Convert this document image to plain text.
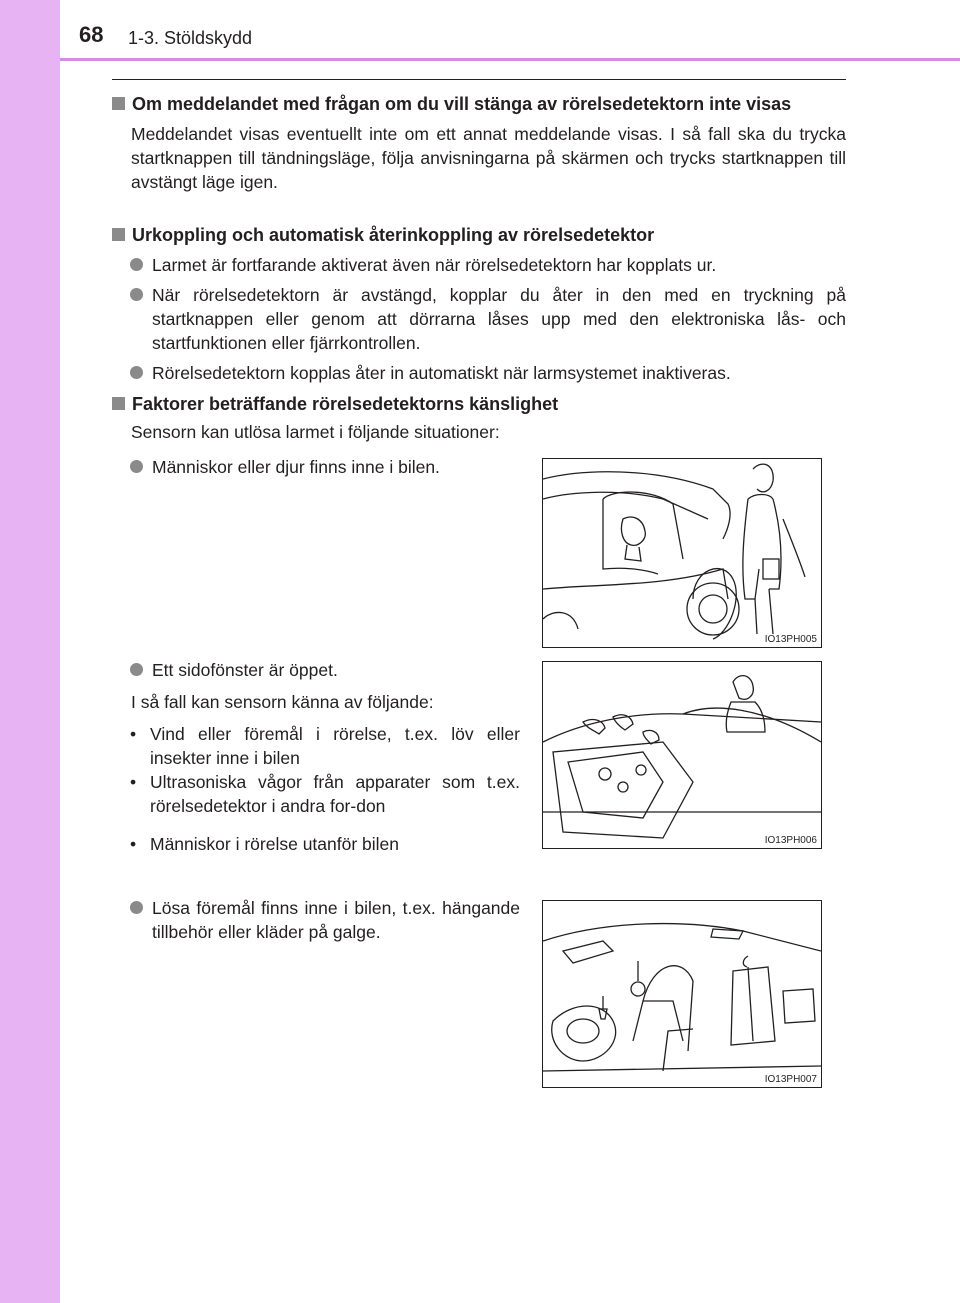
68 1-3. Stöldskydd
Om meddelandet med frågan om du vill stänga av rörelsedetektorn inte visas
Meddelandet visas eventuellt inte om ett annat meddelande visas. I så fall ska du trycka startknappen till tändningsläge, följa anvisningarna på skärmen och trycks startknappen till avstängt läge igen.
Urkoppling och automatisk återinkoppling av rörelsedetektor
Larmet är fortfarande aktiverat även när rörelsedetektorn har kopplats ur.
När rörelsedetektorn är avstängd, kopplar du åter in den med en tryckning på startknappen eller genom att dörrarna låses upp med den elektroniska lås- och startfunktionen eller fjärrkontrollen.
Rörelsedetektorn kopplas åter in automatiskt när larmsystemet inaktiveras.
Faktorer beträffande rörelsedetektorns känslighet
Sensorn kan utlösa larmet i följande situationer:
Människor eller djur finns inne i bilen.
Ett sidofönster är öppet.
I så fall kan sensorn känna av följande:
• Vind eller föremål i rörelse, t.ex. löv eller insekter inne i bilen
• Ultrasoniska vågor från apparater som t.ex. rörelsedetektor i andra for-don
• Människor i rörelse utanför bilen
Lösa föremål finns inne i bilen, t.ex. hängande tillbehör eller kläder på galge.
IO13PH005
IO13PH006
IO13PH007
